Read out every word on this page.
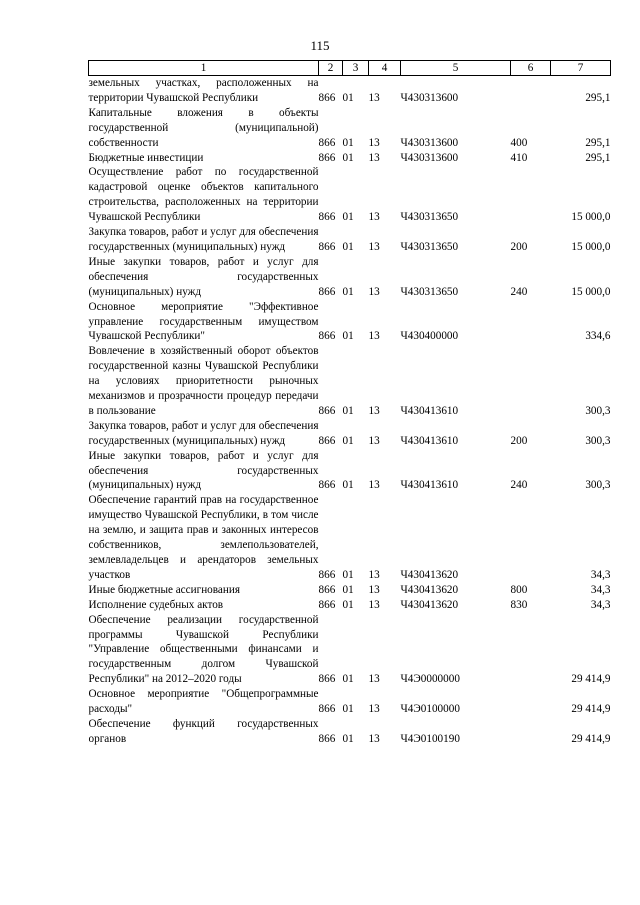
115
1	2	3	4	5	6	7
земельных участках, расположенных на территории Чувашской Республики	866	01	13	Ч430313600		295,1
Капитальные вложения в объекты государственной (муниципальной) собственности	866	01	13	Ч430313600	400	295,1
Бюджетные инвестиции	866	01	13	Ч430313600	410	295,1
Осуществление работ по государственной кадастровой оценке объектов капитального строительства, расположенных на территории Чувашской Республики	866	01	13	Ч430313650		15 000,0
Закупка товаров, работ и услуг для обеспечения государственных (муниципальных) нужд	866	01	13	Ч430313650	200	15 000,0
Иные закупки товаров, работ и услуг для обеспечения государственных (муниципальных) нужд	866	01	13	Ч430313650	240	15 000,0
Основное мероприятие "Эффективное управление государственным имуществом Чувашской Республики"	866	01	13	Ч430400000		334,6
Вовлечение в хозяйственный оборот объектов государственной казны Чувашской Республики на условиях приоритетности рыночных механизмов и прозрачности процедур передачи в пользование	866	01	13	Ч430413610		300,3
Закупка товаров, работ и услуг для обеспечения государственных (муниципальных) нужд	866	01	13	Ч430413610	200	300,3
Иные закупки товаров, работ и услуг для обеспечения государственных (муниципальных) нужд	866	01	13	Ч430413610	240	300,3
Обеспечение гарантий прав на государственное имущество Чувашской Республики, в том числе на землю, и защита прав и законных интересов собственников, землепользователей, землевладельцев и арендаторов земельных участков	866	01	13	Ч430413620		34,3
Иные бюджетные ассигнования	866	01	13	Ч430413620	800	34,3
Исполнение судебных актов	866	01	13	Ч430413620	830	34,3
Обеспечение реализации государственной программы Чувашской Республики "Управление общественными финансами и государственным долгом Чувашской Республики" на 2012–2020 годы	866	01	13	Ч4Э0000000		29 414,9
Основное мероприятие "Общепрограммные расходы"	866	01	13	Ч4Э0100000		29 414,9
Обеспечение функций государственных органов	866	01	13	Ч4Э0100190		29 414,9
